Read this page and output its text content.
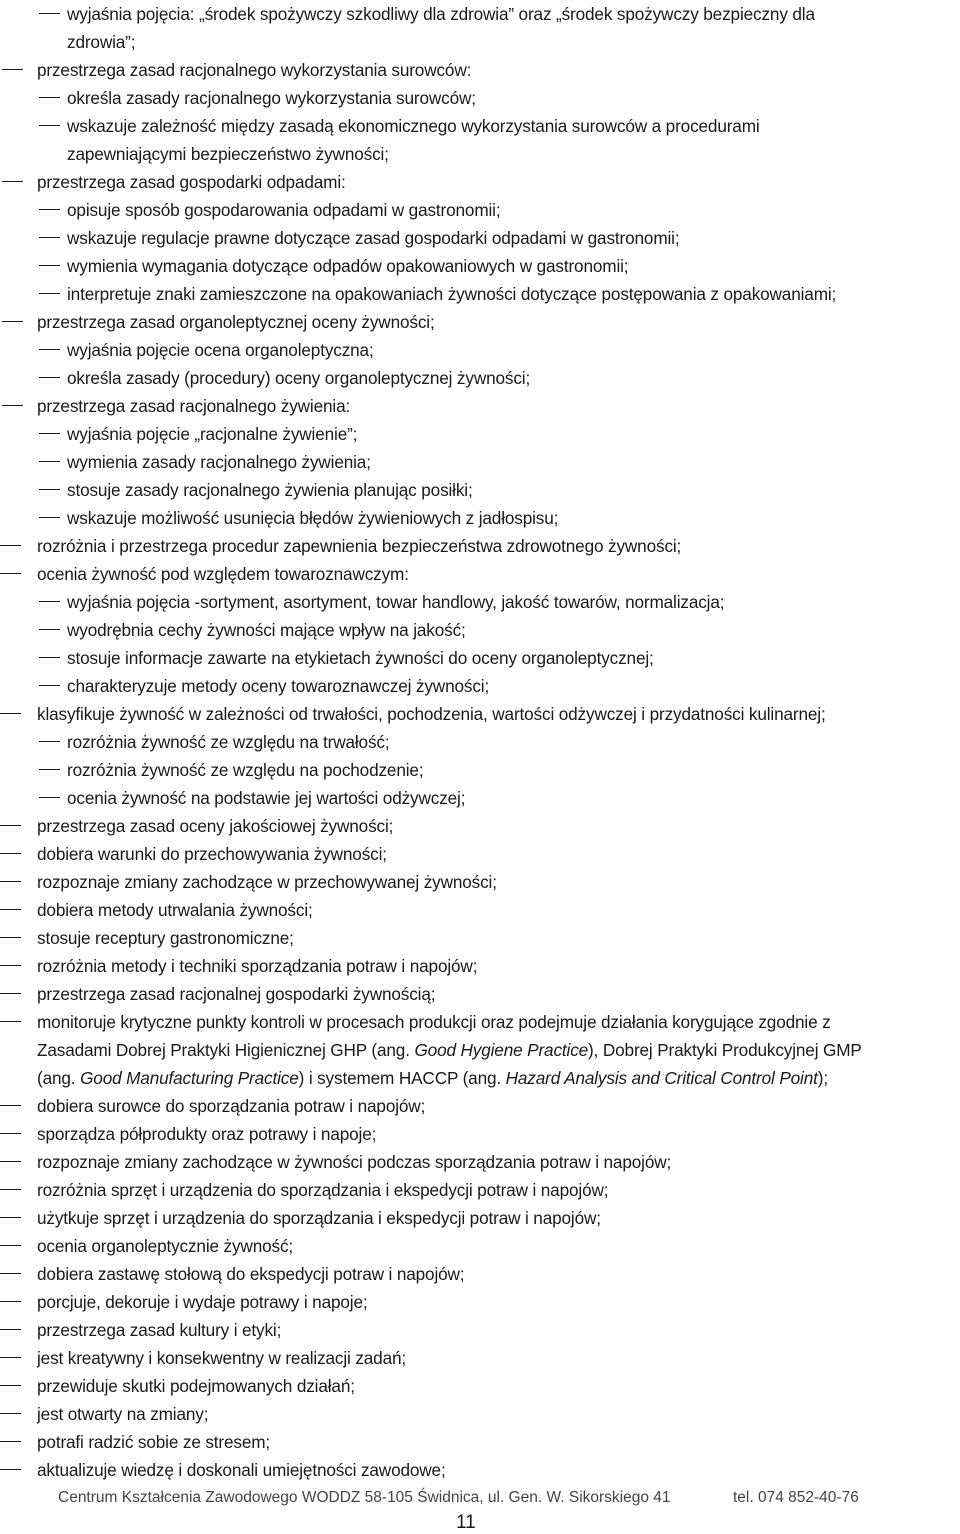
wyjaśnia pojęcia: „środek spożywczy szkodliwy dla zdrowia” oraz „środek spożywczy bezpieczny dla
zdrowia”;
przestrzega zasad racjonalnego wykorzystania surowców:
określa zasady racjonalnego wykorzystania surowców;
wskazuje zależność między zasadą ekonomicznego wykorzystania surowców a procedurami
zapewniającymi bezpieczeństwo żywności;
przestrzega zasad gospodarki odpadami:
opisuje sposób gospodarowania odpadami w gastronomii;
wskazuje regulacje prawne dotyczące zasad gospodarki odpadami w gastronomii;
wymienia wymagania dotyczące odpadów opakowaniowych w gastronomii;
interpretuje znaki zamieszczone na opakowaniach żywności dotyczące postępowania z opakowaniami;
przestrzega zasad organoleptycznej oceny żywności;
wyjaśnia pojęcie ocena organoleptyczna;
określa zasady (procedury) oceny organoleptycznej żywności;
przestrzega zasad racjonalnego żywienia:
wyjaśnia pojęcie „racjonalne żywienie”;
wymienia zasady racjonalnego żywienia;
stosuje zasady racjonalnego żywienia planując posiłki;
wskazuje możliwość usunięcia błędów żywieniowych z jadłospisu;
rozróżnia i przestrzega procedur zapewnienia bezpieczeństwa zdrowotnego żywności;
ocenia żywność pod względem towaroznawczym:
wyjaśnia pojęcia -sortyment, asortyment, towar handlowy, jakość towarów, normalizacja;
wyodrębnia cechy żywności mające wpływ na jakość;
stosuje informacje zawarte na etykietach żywności do oceny organoleptycznej;
charakteryzuje metody oceny towaroznawczej żywności;
klasyfikuje żywność w zależności od trwałości, pochodzenia, wartości odżywczej i przydatności kulinarnej;
rozróżnia żywność ze względu na trwałość;
rozróżnia żywność ze względu na pochodzenie;
ocenia żywność na podstawie jej wartości odżywczej;
przestrzega zasad oceny jakościowej żywności;
dobiera warunki do przechowywania żywności;
rozpoznaje zmiany zachodzące w przechowywanej żywności;
dobiera metody utrwalania żywności;
stosuje receptury gastronomiczne;
rozróżnia metody i techniki sporządzania potraw i napojów;
przestrzega zasad racjonalnej gospodarki żywnością;
monitoruje krytyczne punkty kontroli w procesach produkcji oraz podejmuje działania korygujące zgodnie z
Zasadami Dobrej Praktyki Higienicznej GHP (ang. Good Hygiene Practice), Dobrej Praktyki Produkcyjnej GMP
(ang. Good Manufacturing Practice) i systemem HACCP (ang. Hazard Analysis and Critical Control Point);
dobiera surowce do sporządzania potraw i napojów;
sporządza półprodukty oraz potrawy i napoje;
rozpoznaje zmiany zachodzące w żywności podczas sporządzania potraw i napojów;
rozróżnia sprzęt i urządzenia do sporządzania i ekspedycji potraw i napojów;
użytkuje sprzęt i urządzenia do sporządzania i ekspedycji potraw i napojów;
ocenia organoleptycznie żywność;
dobiera zastawę stołową do ekspedycji potraw i napojów;
porcjuje, dekoruje i wydaje potrawy i napoje;
przestrzega zasad kultury i etyki;
jest kreatywny i konsekwentny w realizacji zadań;
przewiduje skutki podejmowanych działań;
jest otwarty na zmiany;
potrafi radzić sobie ze stresem;
aktualizuje wiedzę i doskonali umiejętności zawodowe;
Centrum Kształcenia Zawodowego WODDZ 58-105 Świdnica, ul. Gen. W. Sikorskiego 41	tel. 074 852-40-76
11
